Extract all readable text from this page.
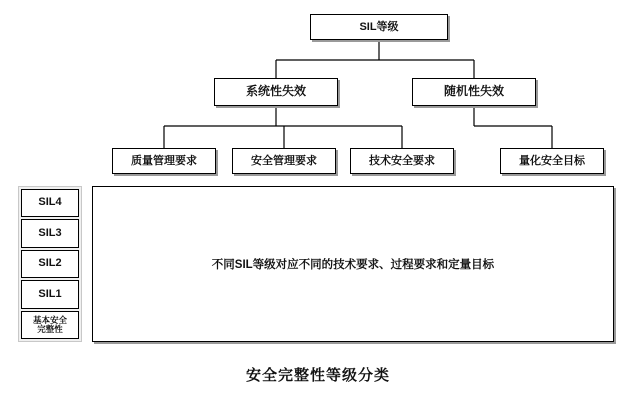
SIL等级
系统性失效	随机性失效
质量管理要求	安全管理要求	技术安全要求	量化安全目标
不同SIL等级对应不同的技术要求、过程要求和定量目标
SIL4
SIL3
SIL2
SIL1
基本安全
完整性
安全完整性等级分类
